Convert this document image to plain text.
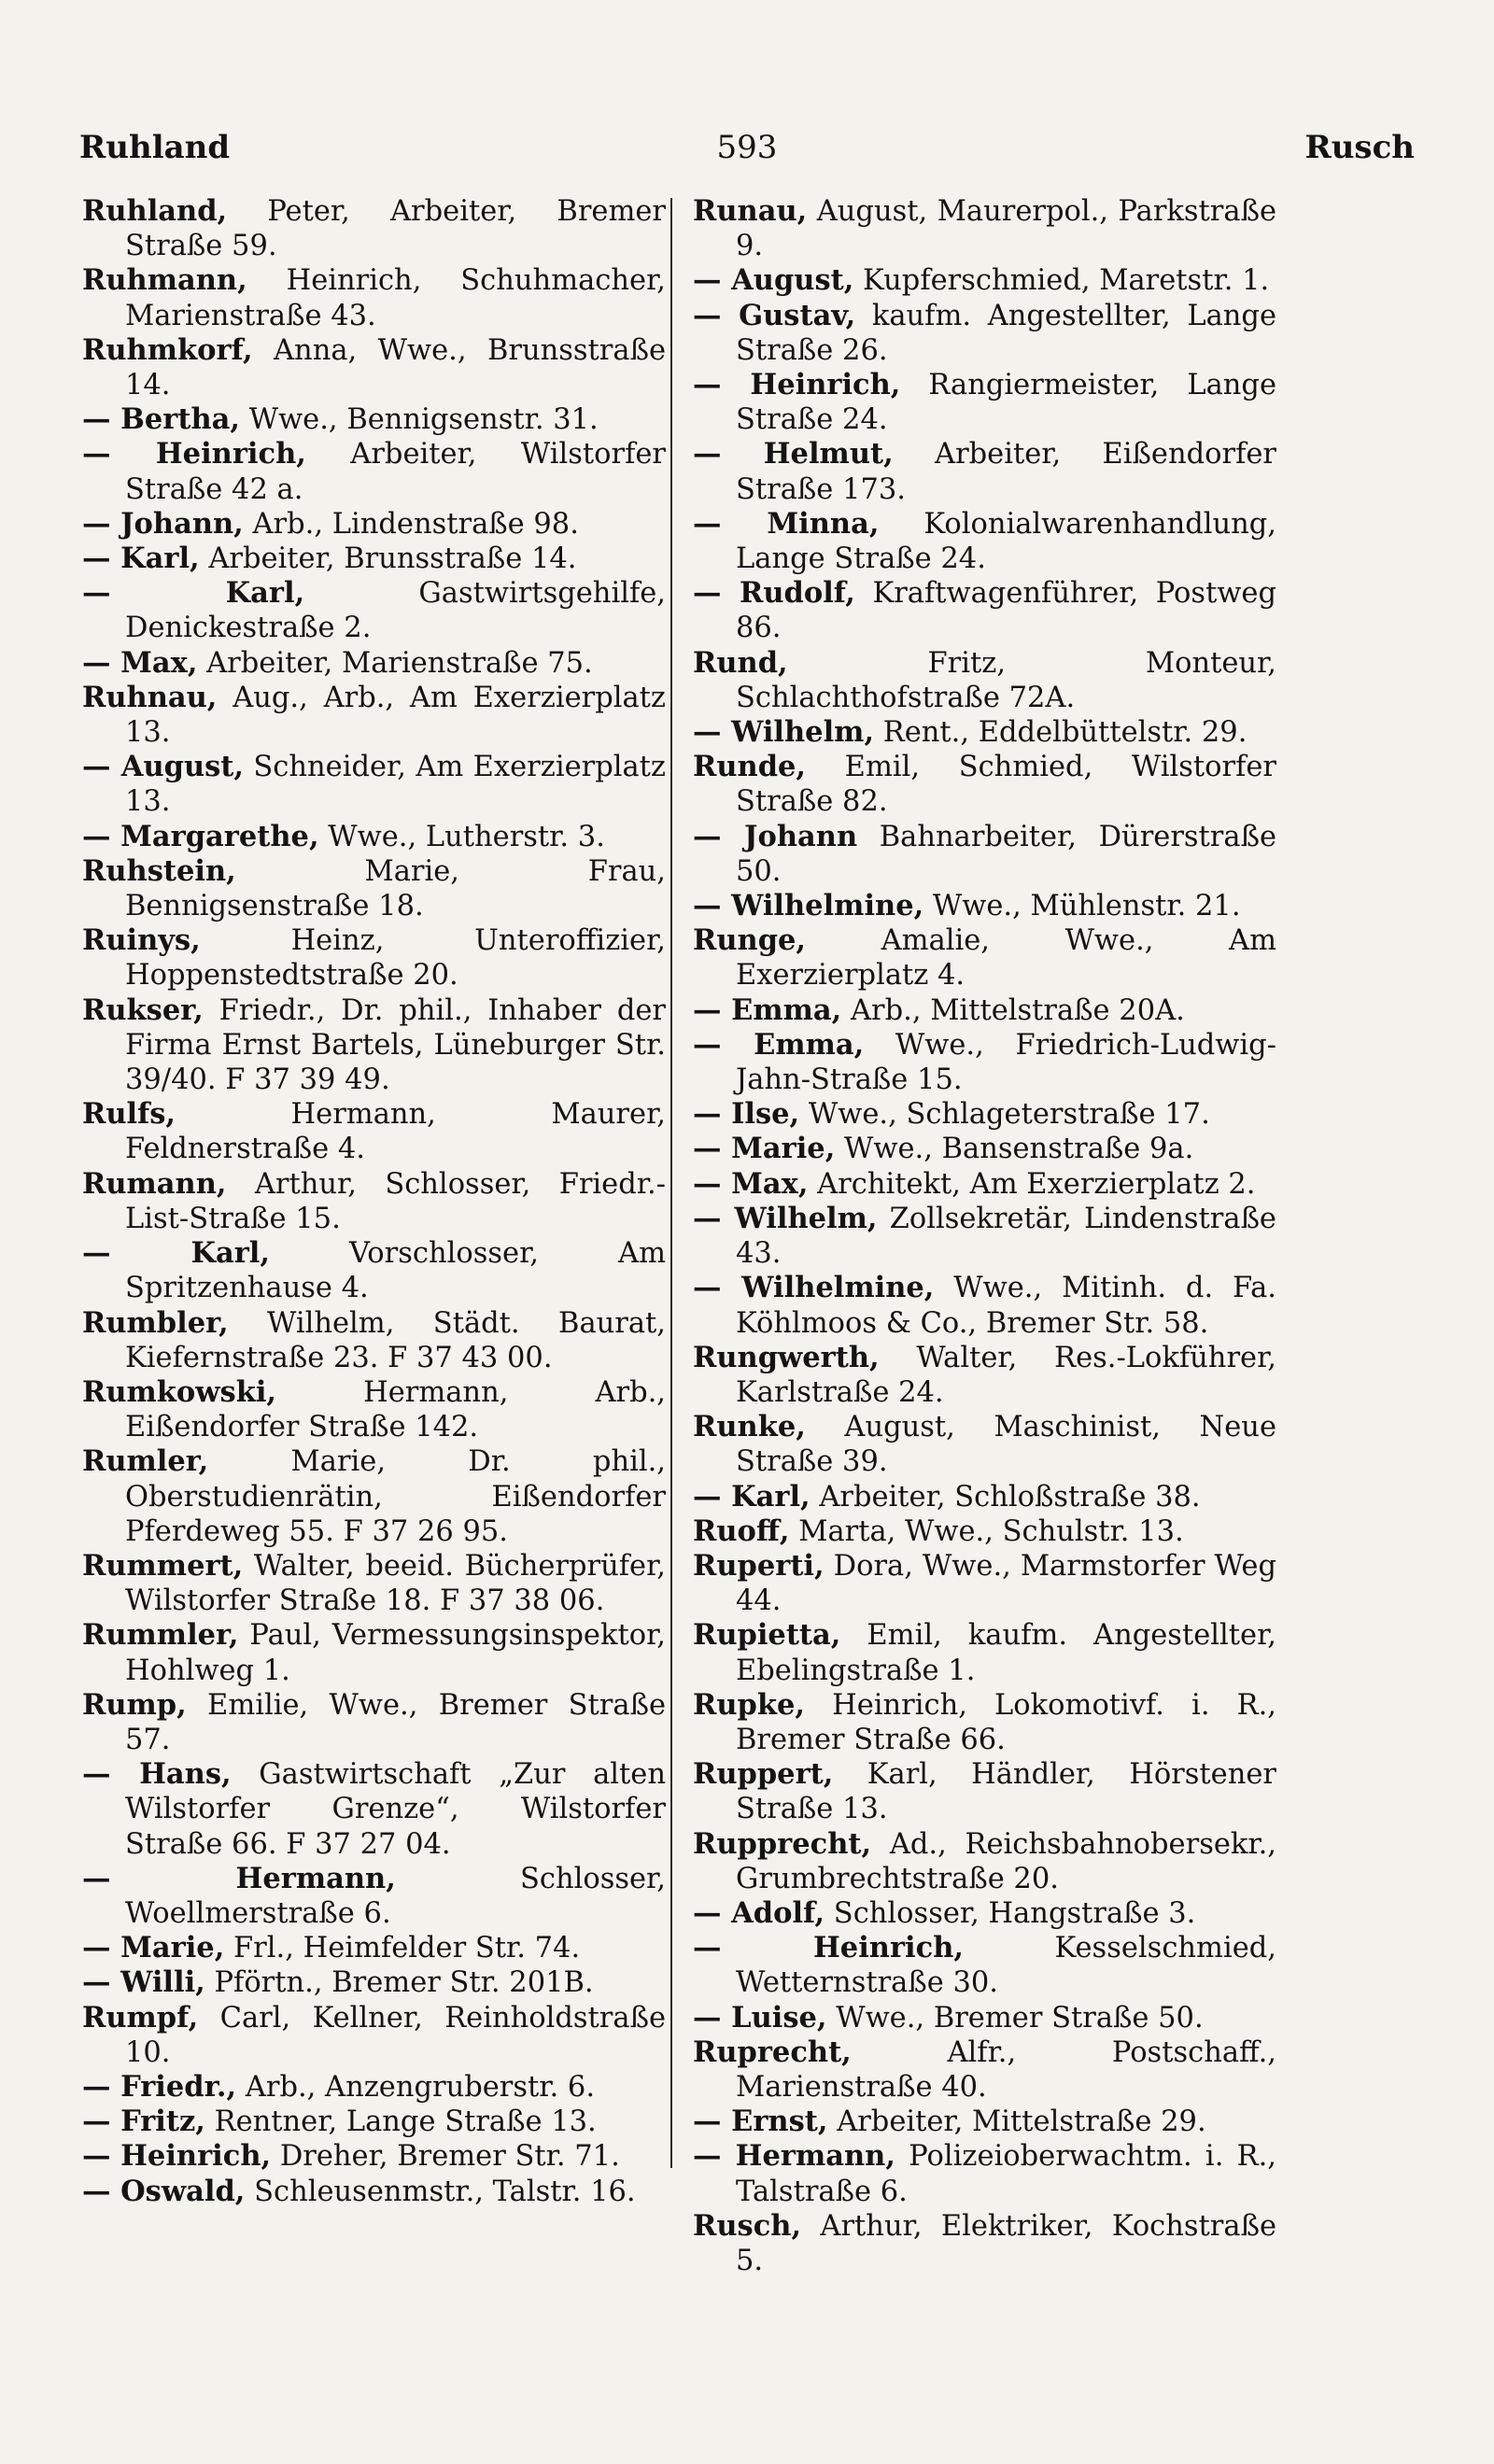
Ruhland	593	Rusch
Ruhland, Peter, Arbeiter, Bremer Straße 59.
Ruhmann, Heinrich, Schuhmacher, Marienstraße 43.
Ruhmkorf, Anna, Wwe., Brunsstraße 14.
— Bertha, Wwe., Bennigsenstr. 31.
— Heinrich, Arbeiter, Wilstorfer Straße 42 a.
— Johann, Arb., Lindenstraße 98.
— Karl, Arbeiter, Brunsstraße 14.
— Karl, Gastwirtsgehilfe, Denickestraße 2.
— Max, Arbeiter, Marienstraße 75.
Ruhnau, Aug., Arb., Am Exerzierplatz 13.
— August, Schneider, Am Exerzierplatz 13.
— Margarethe, Wwe., Lutherstr. 3.
Ruhstein, Marie, Frau, Bennigsenstraße 18.
Ruinys, Heinz, Unteroffizier, Hoppenstedtstraße 20.
Rukser, Friedr., Dr. phil., Inhaber der Firma Ernst Bartels, Lüneburger Str. 39/40. F 37 39 49.
Rulfs, Hermann, Maurer, Feldnerstraße 4.
Rumann, Arthur, Schlosser, Friedr.-List-Straße 15.
— Karl, Vorschlosser, Am Spritzenhause 4.
Rumbler, Wilhelm, Städt. Baurat, Kiefernstraße 23. F 37 43 00.
Rumkowski, Hermann, Arb., Eißendorfer Straße 142.
Rumler, Marie, Dr. phil., Oberstudienrätin, Eißendorfer Pferdeweg 55. F 37 26 95.
Rummert, Walter, beeid. Bücherprüfer, Wilstorfer Straße 18. F 37 38 06.
Rummler, Paul, Vermessungsinspektor, Hohlweg 1.
Rump, Emilie, Wwe., Bremer Straße 57.
— Hans, Gastwirtschaft „Zur alten Wilstorfer Grenze“, Wilstorfer Straße 66. F 37 27 04.
— Hermann, Schlosser, Woellmerstraße 6.
— Marie, Frl., Heimfelder Str. 74.
— Willi, Pförtn., Bremer Str. 201B.
Rumpf, Carl, Kellner, Reinholdstraße 10.
— Friedr., Arb., Anzengruberstr. 6.
— Fritz, Rentner, Lange Straße 13.
— Heinrich, Dreher, Bremer Str. 71.
— Oswald, Schleusenmstr., Talstr. 16.
Runau, August, Maurerpol., Parkstraße 9.
— August, Kupferschmied, Maretstr. 1.
— Gustav, kaufm. Angestellter, Lange Straße 26.
— Heinrich, Rangiermeister, Lange Straße 24.
— Helmut, Arbeiter, Eißendorfer Straße 173.
— Minna, Kolonialwarenhandlung, Lange Straße 24.
— Rudolf, Kraftwagenführer, Postweg 86.
Rund, Fritz, Monteur, Schlachthofstraße 72A.
— Wilhelm, Rent., Eddelbüttelstr. 29.
Runde, Emil, Schmied, Wilstorfer Straße 82.
— Johann Bahnarbeiter, Dürerstraße 50.
— Wilhelmine, Wwe., Mühlenstr. 21.
Runge, Amalie, Wwe., Am Exerzierplatz 4.
— Emma, Arb., Mittelstraße 20A.
— Emma, Wwe., Friedrich-Ludwig-Jahn-Straße 15.
— Ilse, Wwe., Schlageterstraße 17.
— Marie, Wwe., Bansenstraße 9a.
— Max, Architekt, Am Exerzierplatz 2.
— Wilhelm, Zollsekretär, Lindenstraße 43.
— Wilhelmine, Wwe., Mitinh. d. Fa. Köhlmoos & Co., Bremer Str. 58.
Rungwerth, Walter, Res.-Lokführer, Karlstraße 24.
Runke, August, Maschinist, Neue Straße 39.
— Karl, Arbeiter, Schloßstraße 38.
Ruoff, Marta, Wwe., Schulstr. 13.
Ruperti, Dora, Wwe., Marmstorfer Weg 44.
Rupietta, Emil, kaufm. Angestellter, Ebelingstraße 1.
Rupke, Heinrich, Lokomotivf. i. R., Bremer Straße 66.
Ruppert, Karl, Händler, Hörstener Straße 13.
Rupprecht, Ad., Reichsbahnobersekr., Grumbrechtstraße 20.
— Adolf, Schlosser, Hangstraße 3.
— Heinrich, Kesselschmied, Wetternstraße 30.
— Luise, Wwe., Bremer Straße 50.
Ruprecht, Alfr., Postschaff., Marienstraße 40.
— Ernst, Arbeiter, Mittelstraße 29.
— Hermann, Polizeioberwachtm. i. R., Talstraße 6.
Rusch, Arthur, Elektriker, Kochstraße 5.
